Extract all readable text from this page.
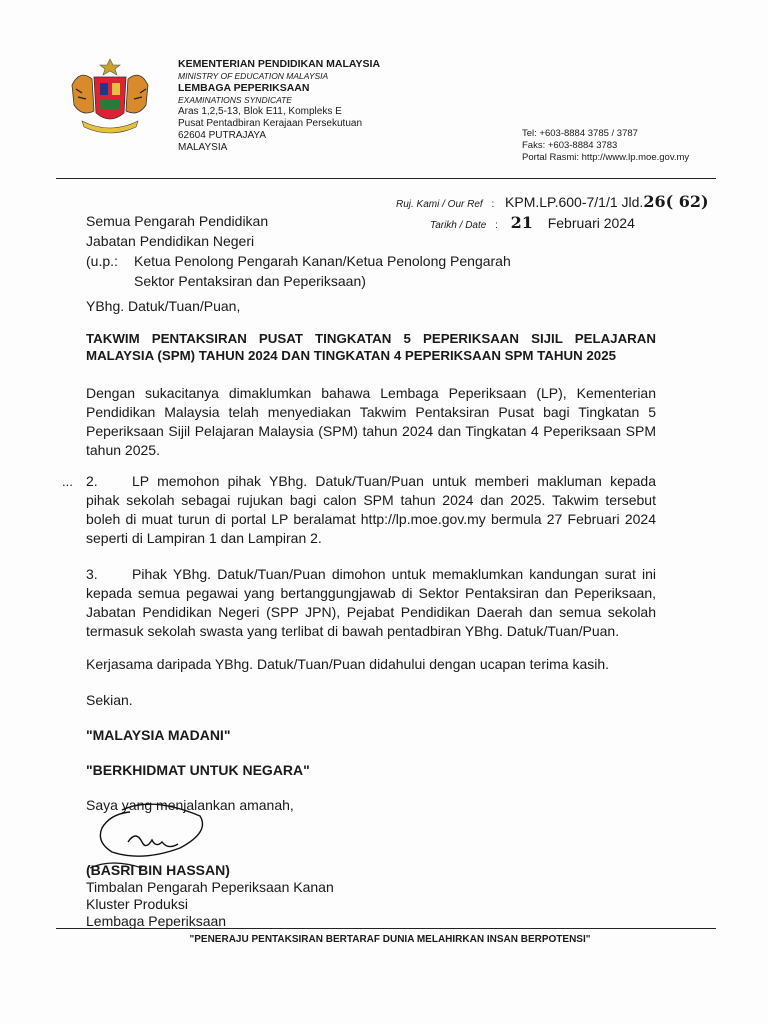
KEMENTERIAN PENDIDIKAN MALAYSIA
MINISTRY OF EDUCATION MALAYSIA
LEMBAGA PEPERIKSAAN
EXAMINATIONS SYNDICATE
Aras 1,2,5-13, Blok E11, Kompleks E
Pusat Pentadbiran Kerajaan Persekutuan
62604 PUTRAJAYA
MALAYSIA
Tel: +603-8884 3785 / 3787
Faks: +603-8884 3783
Portal Rasmi: http://www.lp.moe.gov.my
Ruj. Kami / Our Ref : KPM.LP.600-7/1/1 Jld.26( 62)
Tarikh / Date : 21 Februari 2024
Semua Pengarah Pendidikan
Jabatan Pendidikan Negeri
(u.p.:	Ketua Penolong Pengarah Kanan/Ketua Penolong Pengarah
Sektor Pentaksiran dan Peperiksaan)
YBhg. Datuk/Tuan/Puan,
TAKWIM PENTAKSIRAN PUSAT TINGKATAN 5 PEPERIKSAAN SIJIL PELAJARAN MALAYSIA (SPM) TAHUN 2024 DAN TINGKATAN 4 PEPERIKSAAN SPM TAHUN 2025
Dengan sukacitanya dimaklumkan bahawa Lembaga Peperiksaan (LP), Kementerian Pendidikan Malaysia telah menyediakan Takwim Pentaksiran Pusat bagi Tingkatan 5 Peperiksaan Sijil Pelajaran Malaysia (SPM) tahun 2024 dan Tingkatan 4 Peperiksaan SPM tahun 2025.
... 2. LP memohon pihak YBhg. Datuk/Tuan/Puan untuk memberi makluman kepada pihak sekolah sebagai rujukan bagi calon SPM tahun 2024 dan 2025. Takwim tersebut boleh di muat turun di portal LP beralamat http://lp.moe.gov.my bermula 27 Februari 2024 seperti di Lampiran 1 dan Lampiran 2.
3. Pihak YBhg. Datuk/Tuan/Puan dimohon untuk memaklumkan kandungan surat ini kepada semua pegawai yang bertanggungjawab di Sektor Pentaksiran dan Peperiksaan, Jabatan Pendidikan Negeri (SPP JPN), Pejabat Pendidikan Daerah dan semua sekolah termasuk sekolah swasta yang terlibat di bawah pentadbiran YBhg. Datuk/Tuan/Puan.
Kerjasama daripada YBhg. Datuk/Tuan/Puan didahului dengan ucapan terima kasih.
Sekian.
"MALAYSIA MADANI"
"BERKHIDMAT UNTUK NEGARA"
Saya yang menjalankan amanah,
(BASRI BIN HASSAN)
Timbalan Pengarah Peperiksaan Kanan
Kluster Produksi
Lembaga Peperiksaan
"PENERAJU PENTAKSIRAN BERTARAF DUNIA MELAHIRKAN INSAN BERPOTENSI"
